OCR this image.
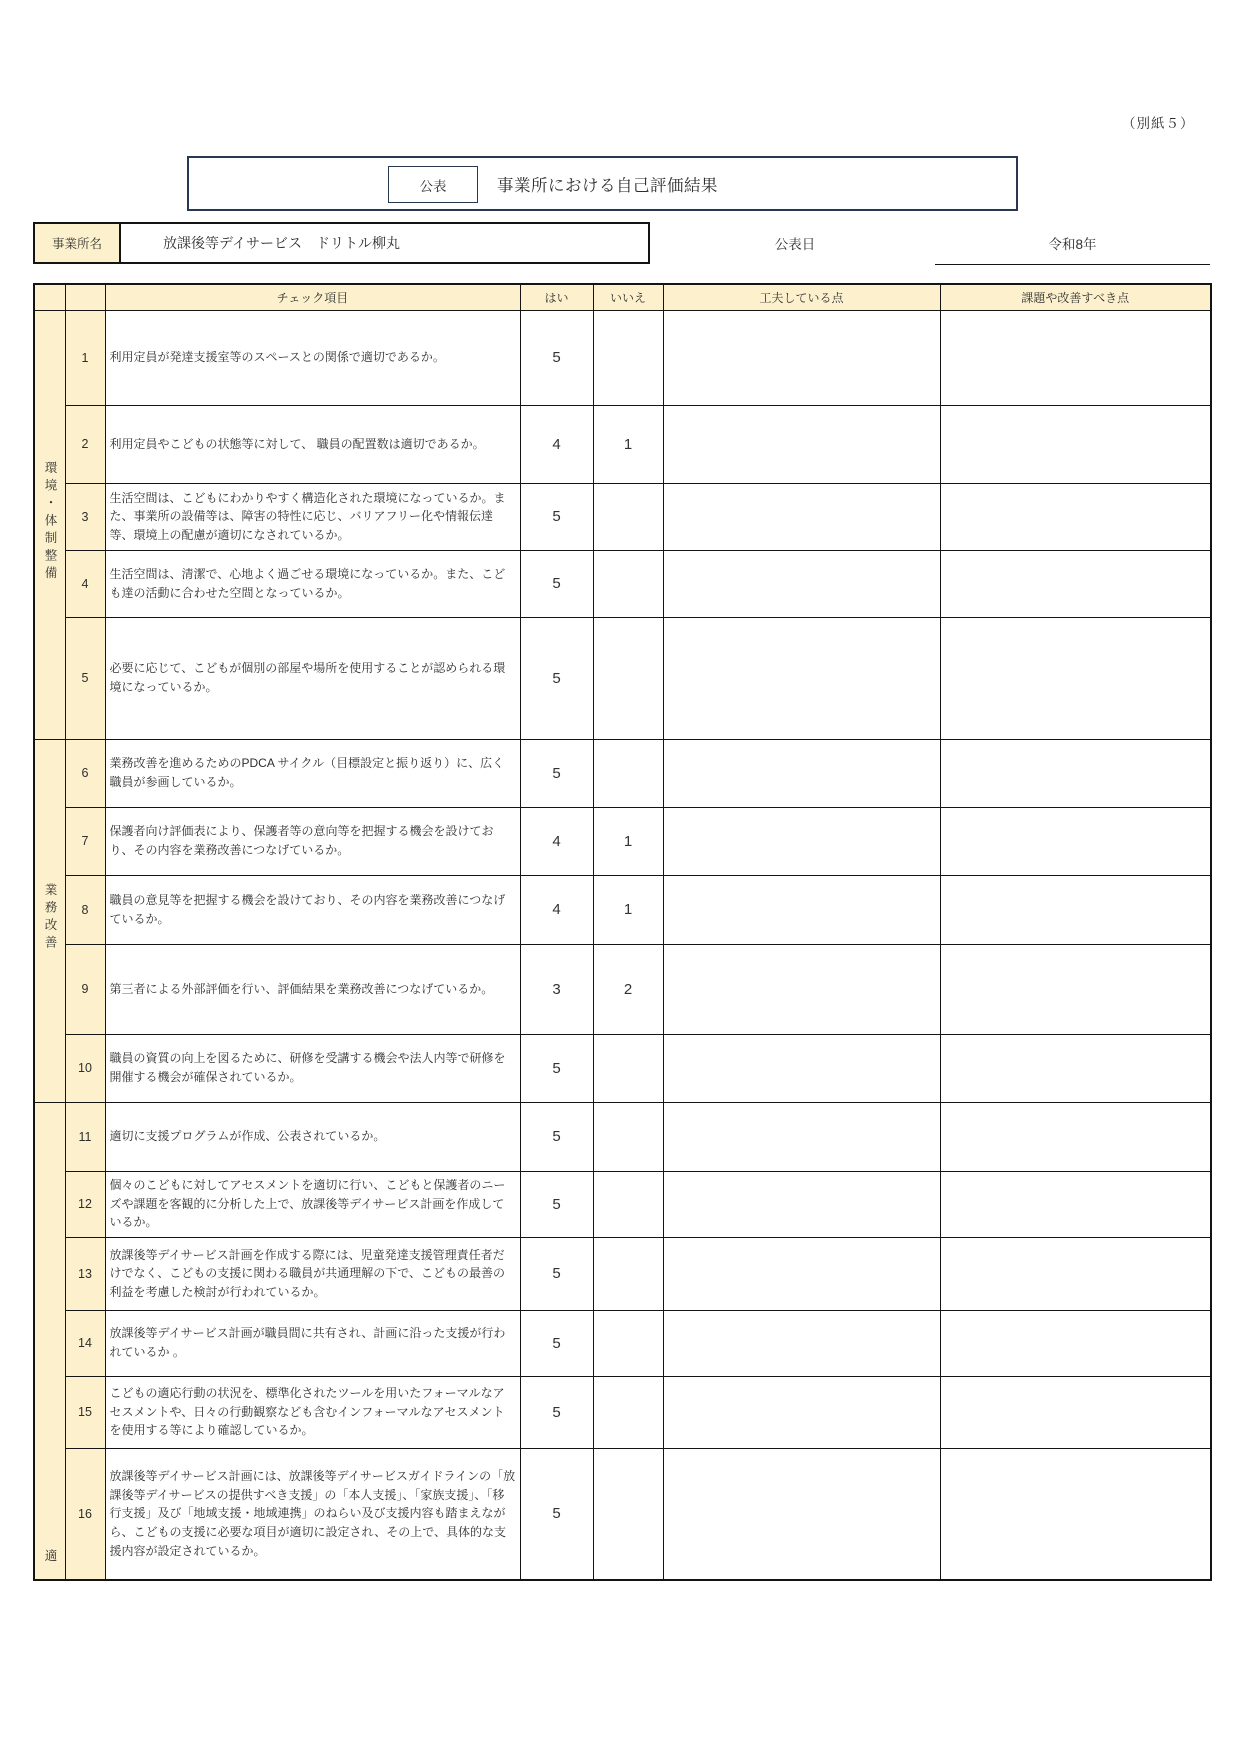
（別紙５）
公表	事業所における自己評価結果
事業所名	放課後等デイサービス　ドリトル柳丸	公表日	令和8年
		チェック項目	はい	いいえ	工夫している点	課題や改善すべき点
環境・体制整備	1	利用定員が発達支援室等のスペースとの関係で適切であるか。	5			
	2	利用定員やこどもの状態等に対して、 職員の配置数は適切であるか。	4	1		
	3	生活空間は、こどもにわかりやすく構造化された環境になっているか。また、事業所の設備等は、障害の特性に応じ、バリアフリー化や情報伝達等、環境上の配慮が適切になされているか。	5			
	4	生活空間は、清潔で、心地よく過ごせる環境になっているか。また、こども達の活動に合わせた空間となっているか。	5			
	5	必要に応じて、こどもが個別の部屋や場所を使用することが認められる環境になっているか。	5			
業務改善	6	業務改善を進めるためのPDCA サイクル（目標設定と振り返り）に、広く職員が参画しているか。	5			
	7	保護者向け評価表により、保護者等の意向等を把握する機会を設けており、その内容を業務改善につなげているか。	4	1		
	8	職員の意見等を把握する機会を設けており、その内容を業務改善につなげているか。	4	1		
	9	第三者による外部評価を行い、評価結果を業務改善につなげているか。	3	2		
	10	職員の資質の向上を図るために、研修を受講する機会や法人内等で研修を開催する機会が確保されているか。	5			
適	11	適切に支援プログラムが作成、公表されているか。	5			
	12	個々のこどもに対してアセスメントを適切に行い、こどもと保護者のニーズや課題を客観的に分析した上で、放課後等デイサービス計画を作成しているか。	5			
	13	放課後等デイサービス計画を作成する際には、児童発達支援管理責任者だけでなく、こどもの支援に関わる職員が共通理解の下で、こどもの最善の利益を考慮した検討が行われているか。	5			
	14	放課後等デイサービス計画が職員間に共有され、計画に沿った支援が行われているか 。	5			
	15	こどもの適応行動の状況を、標準化されたツールを用いたフォーマルなアセスメントや、日々の行動観察なども含むインフォーマルなアセスメントを使用する等により確認しているか。	5			
	16	放課後等デイサービス計画には、放課後等デイサービスガイドラインの「放課後等デイサービスの提供すべき支援」の「本人支援」、「家族支援」、「移行支援」及び「地域支援・地域連携」のねらい及び支援内容も踏まえながら、こどもの支援に必要な項目が適切に設定され、その上で、具体的な支援内容が設定されているか。	5			
